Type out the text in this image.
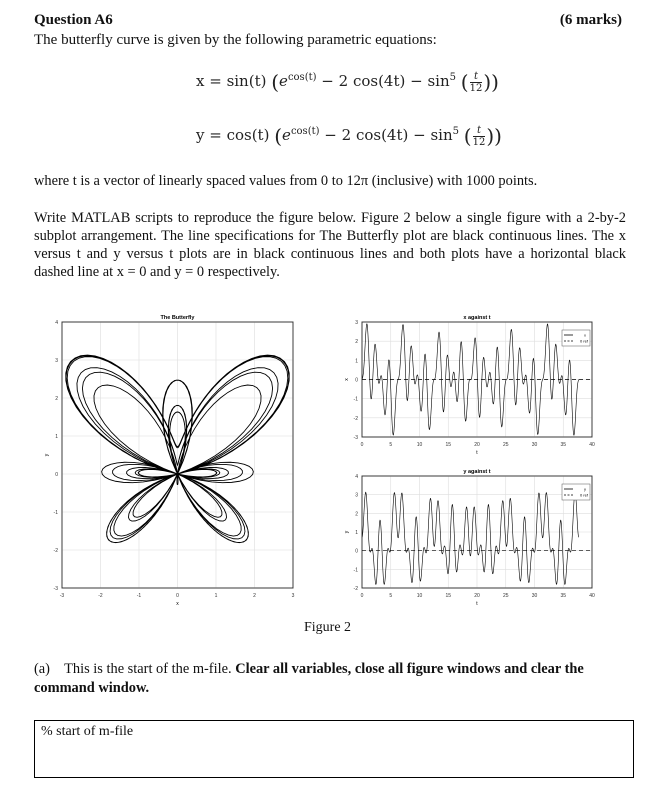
Question A6	(6 marks)
The butterfly curve is given by the following parametric equations:
x = sin(t) ($e^{cos(t)} - 2$ $\cos(4t) - \sin^5$ ( $\frac{t}{12}$ ))
y = cos(t) ($e^{cos(t)} - 2$ $\cos(4t) - \sin^5$ ( $\frac{t}{12}$ ))
where t is a vector of linearly spaced values from 0 to 12π (inclusive) with 1000 points.
Write MATLAB scripts to reproduce the figure below. Figure 2 below a single figure with a 2-by-2 subplot arrangement. The line specifications for The Butterfly plot are black continuous lines. The x versus t and y versus t plots are in black continuous lines and both plots have a horizontal black dashed line at x = 0 and y = 0 respectively.
-3	-2	-1	0	1	2	3
-3
-2
-1
0
1
2
3
4
The Butterfly
x
y
0	5	10	15	20	25	30	35	40
-3
-2
-1
0
1
2
3
x against t
t
x
x
0 ref
0	5	10	15	20	25	30	35	40
-2
-1
0
1
2
3
4
y against t
t
y
y
0 ref
Figure 2
(a) This is the start of the m-file. Clear all variables, close all figure windows and clear the command window.
% start of m-file
